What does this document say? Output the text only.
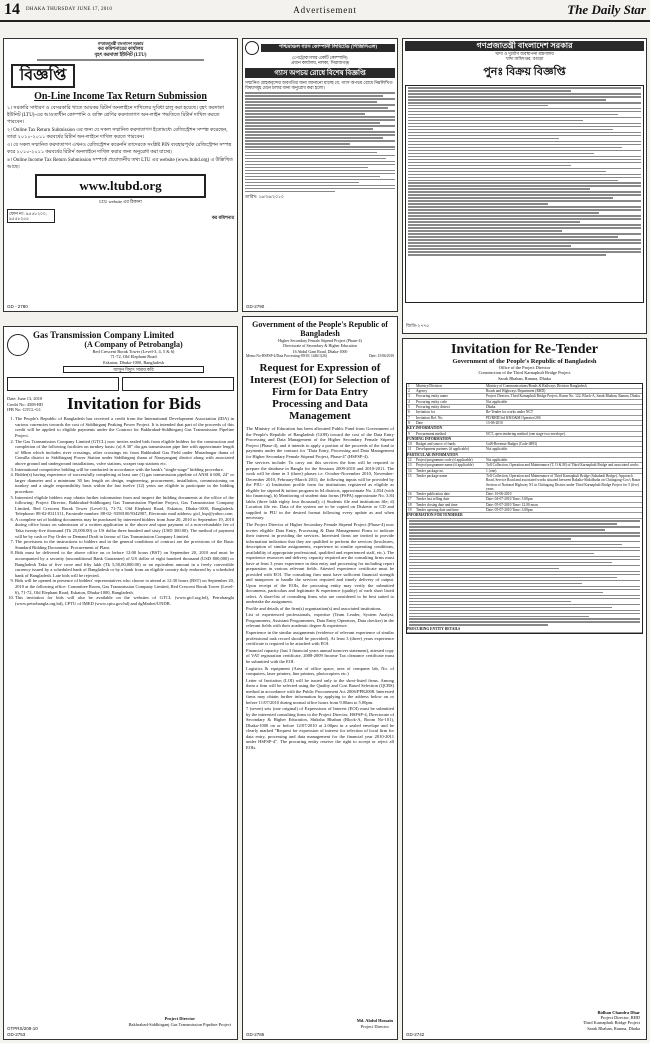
14 DHAKA THURSDAY JUNE 17, 2010	Advertisement	The Daily Star
গণপ্রজাতন্ত্রী বাংলাদেশ সরকার
কর কমিশনারের কার্যালয়
বৃহৎ করদাতা ইউনিট (LTU)
বিজ্ঞপ্তি
On-Line Income Tax Return Submission

১। সরকারি সাধারণ ও বেসরকারি খাতে আয়কর রিটার্ন অনলাইনে দাখিলের সুবিধা চালু করা হয়েছে। বৃহৎ করদাতা ইউনিট (LTU)-এর আওতাধীন কোম্পানি ও ব্যক্তি শ্রেণির করদাতাগণ অন-লাইন পদ্ধতিতে রিটার্ন দাখিল করতে পারবেন।

২। Online Tax Return Submission এর জন্য যে সকল সম্মানিত করদাতাগণ ইতোমধ্যে রেজিস্ট্রেশন সম্পন্ন করেছেন, তারা ২০১০-২০১১ করবর্ষের রিটার্ন অন-লাইনে দাখিল করতে পারবেন।

৩। যে সকল সম্মানিত করদাতাগণ এখনও রেজিস্ট্রেশন করেননি তাদেরকে সংশ্লিষ্ট PIN ব্যবহারপূর্বক রেজিস্ট্রেশন সম্পন্ন করে ২০১০-২০১১ করবর্ষের রিটার্ন অনলাইনে দাখিল করার জন্য অনুরোধ করা যাচ্ছে।

৪। Online Income Tax Return Submission সম্পর্কে প্রয়োজনীয় তথ্য LTU এর website (www.ltubd.org) এ উল্লিখিত আছে।

www.ltubd.org
LTU website এর ঠিকানা
ফোন নং: ৯৫৫৮২০০, ৯৫৫৮২৫৫	কর কমিশনার
GD - 2780
পশ্চিমাঞ্চল গ্যাস কোম্পানী লিমিটেড (পিজিসিএল)
(পেট্রোবাংলার একটি কোম্পানি)
প্রধান কার্যালয়, নলকা, সিরাজগঞ্জ
গ্যাস অপচয় রোধে বিশেষ বিজ্ঞপ্তি
সম্মানিত গ্রাহকবৃন্দের অবগতির জন্য জানানো যাচ্ছে যে, গ্যাস অপচয় রোধে নিম্নলিখিত বিষয়সমূহ মেনে চলার জন্য অনুরোধ করা হলো।
তারিখ: ১৬/০৬/২০১০
GD-2790
গণপ্রজাতন্ত্রী বাংলাদেশ সরকার
খাদ্য ও দুর্যোগ ব্যবস্থাপনা মন্ত্রণালয়
খাদ্য অধিদপ্তর, বগুড়া
পুনঃ বিক্রয় বিজ্ঞপ্তি
জিডি-২৭৭৫
Government of the People's Republic of Bangladesh
Higher Secondary Female Stipend Project (Phase-4)
Directorate of Secondary & Higher Education
16 Abdul Gani Road, Dhaka-1000
Memo No-HSFSP-4/Data Processing-09/10/ 1446/1(26)	Date: 15/06/2010
Request for Expression of Interest (EOI) for Selection of Firm for Data Entry Processing and Data Management

The Ministry of Education has been allocated Public Fund from Government of the People's Republic of Bangladesh (GOB) toward the cost of the Data Entry Processing and Data Management of the Higher Secondary Female Stipend Project (Phase-4), and it intends to apply a portion of the proceeds of the fund to payments under the contract for "Data Entry, Processing and Data Management for Higher Secondary Female Stipend Project, Phase-4" (HSFSP-4).

The services include: To carry out this services the firm will be required to prepare the database in Bangla for the Sessions 2009-2010 and 2010-2011. The work will be done in 3 (three) phases i.e. October-November 2010, November-December 2010, February-March 2011; the following inputs will be provided by the PIU:- a) Institution profile form for institutions registered as eligible as eligible for stipend & tuition program in 64 districts, approximate No. 2,054 (with bio financing), b) Monitoring of student data forms (FSPA) approximate No. 3.84 lakhs (three lakh eighty four thousand); c) Students file and institutions file; d) Location file etc. Data of the system are to be copied on Diskette or CD and supplied to PIU in the desired format following every update as and when necessary.

The Project Director of Higher Secondary Female Stipend Project (Phase-4) now invites eligible Data Entry, Processing & Data Management Firms to indicate their interest in providing the services. Interested firms are invited to provide information indication that they are qualified to perform the services (brochures, description of similar assignments, experience in similar operating conditions, availability of appropriate professional, qualified and experienced staff, etc.). The experience resources and delivery capacity required are the consulting firms must have at least 3 years experience in data entry and processing for including report preparation in various relevant fields. Attested experience certificate must be provided with EOI. The consulting firm must have sufficient financial strength and manpower to handle the services required and timely delivery of output. Upon receipt of the EOIs, the procuring entity may verify the submitted documents, particulars and legitimate & experience (quality) of each short listed select. A short-list of consulting firms who are considered to be best suited to undertake the assignment.

Profile and details of the firm(s) organization(s) and associated institutions.

List of experienced professionals, expertise (Team Leader, System Analyst, Programmers, Assistant Programmers, Data Entry Operators, Data checker) in the relevant fields with their academic degree & experience.

Experience in the similar assignments (evidence of relevant experience of similar professional task record should be provided). At least 3 (three) years experience certificate is required to be attached with EOI.

Financial capacity (last 3 financial years annual turnover statement), attested copy of VAT registration certificate, 2008-2009 Income Tax clearance certificate must be submitted with the EOI.

Logistics & equipment (Area of office space, area of computer lab, No. of computers, laser printers, line printers, photocopiers etc.)

Letter of Invitation (LOI) will be issued only to the short-listed firms. Among them a firm will be selected using the Quality and Cost Based Selection (QCBS) method in accordance with the Public Procurement Act 2006/PPR2008. Interested firms may obtain further information by applying to the address below on or before 11/07/2010 during normal office hours from 9.00am to 5.00pm.

7 (seven) sets (one original) of Expressions of Interest (EOI) must be submitted by the interested consulting firms to the Project Director, HSFSP-4, Directorate of Secondary & Higher Education, Shiksha Bhaban (Block-A, Room No-101), Dhaka-1000 on or before 12/07/2010 at 2.00pm in a sealed envelope and be clearly marked "Request for expression of interest for selection of local firm for data entry, processing and data management for the financial year 2010-2011 under HSFSP-4". The procuring entity reserve the right to accept or reject all EOIs.

Md. Abdul Hossain
Project Director
GD-2785
Gas Transmission Company Limited
(A Company of Petrobangla)
Red Crescent Borak Tower (Level-3, 4, 5 & 6)
71-72, Old Elephant Road
Eskaton, Dhaka-1000, Bangladesh
আসুন বিদ্যুৎ সাশ্রয় করি
Date: June 13, 2010
Credit No: 4508-BD
IFB No: GTCL-G1	Invitation for Bids
1. The People's Republic of Bangladesh has received a credit from the International Development Association (IDA) in various currencies towards the cost of Siddhirganj Peaking Power Project. It is intended that part of the proceeds of this credit will be applied to eligible payments under the Contract for Bakhrabad-Siddhirganj Gas Transmission Pipeline Project.
2. The Gas Transmission Company Limited (GTCL) now invites sealed bids from eligible bidders for the construction and completion of the following facilities on turnkey basis: (a) A 30" dia gas transmission pipe line with approximate length of 60km which includes river crossings, other crossings etc from Bakhrabad Gas Field under Muradnagar thana of Comilla district to Siddhirganj Power Station under Siddhirganj thana of Narayanganj district along with associated above ground and underground installations, valve stations, scraper trap stations etc.
3. International competitive bidding will be conducted in accordance with the bank's "single-stage" bidding procedure.
4. Bidder(s) having experience of successfully completing at least one (1) gas transmission pipeline of ANSI # 600, 24" or larger diameter and a minimum 30 km length on design, engineering, procurement, installation, commissioning on turnkey and a single responsibility basis within the last twelve (12) years are eligible to participate in the bidding procedure.
5. Interested eligible bidders may obtain further information from and inspect the bidding documents at the office of the following: Project Director, Bakhrabad-Siddhirganj Gas Transmission Pipeline Project, Gas Transmission Company Limited, Red Crescent Borak Tower (Level-3), 71-72, Old Elephant Road, Eskaton, Dhaka-1000, Bangladesh. Telephone: 88-02-8311311, Facsimile number: 88-02- 9358100/9342907, Electronic mail address: gtcl_bsp@yahoo.com
6. A complete set of bidding documents may be purchased by interested bidders from June 20, 2010 to September 19, 2010 during office hours on submission of a written application to the above and upon payment of a non-refundable fee of Taka twenty-five thousand (Tk 25,000.00) or US dollar three hundred and sixty (USD 360.00). The method of payment will be by cash or Pay Order or Demand Draft in favour of Gas Transmission Company Limited.
7. The provisions in the instructions to bidders and in the general conditions of contract are the provisions of the Basic Standard Bidding Documents: Procurement of Plant.
8. Bids must be delivered to the above office on or before 12:00 hours (BST) on September 20, 2010 and must be accompanied by a security (unconditional Bank Guarantee) of US dollar of eight hundred thousand (USD 800,000) or Bangladesh Taka of five crore and fifty lakh (Tk 5,50,00,000.00) or an equivalent amount in a freely convertible currency issued by a scheduled bank of Bangladesh or by a bank from an eligible country duly endorsed by a scheduled bank of Bangladesh. Late bids will be rejected.
9. Bids will be opened in presence of bidders' representatives who choose to attend at 12:30 hours (BST) on September 20, 2010 at the following office: Committee Room, Gas Transmission Company Limited, Red Crescent Borak Tower (Level-6), 71-72, Old Elephant Road, Eskaton, Dhaka-1000, Bangladesh.
10. This invitation for bids will also be available on the websites of GTCL (www.gtcl.org.bd), Petrobangla (www.petrobangla.org.bd), CPTU of IMED (www.cptu.gov.bd) and dgMarket/UNDB.
Project Director
Bakhrabad-Siddhirganj Gas Transmission Pipeline Project
GTPRS/208-10
GD-2753
Invitation for Re-Tender
Government of the People's Republic of Bangladesh
Office of the Project Director
Construction of the Third Karnaphuli Bridge Project
Sarak Bhaban, Ramna, Dhaka
1	Ministry/Division	Ministry of Communications/Roads & Railways Division Bangladesh
2	Agency	Roads and Highways Department (RHD)
3	Procuring entity name	Project Director, Third Karnaphuli Bridge Project, Room No. 122, Block-A, Sarak Bhaban, Ramna, Dhaka.
4	Procuring entity code	Not applicable
5	Procuring entity district	Dhaka
6	Invitation for	Re-Tender for works under NCT
7	Invitation Ref. No.	PD/RHD/3rd KB/O&M Operator/206
8	Date	13-06-2010
KEY INFORMATION
9	Procurement method	NCT, open tendering method (one stage two envelope).
FUNDING INFORMATION
10	Budget and source of funds	GoB-Revenue Budget (Code-4893)
11	Development partners (if applicable)	Not applicable.
PARTICULAR INFORMATION
12	Project/programme code (if applicable)	Not applicable.
13	Project/programme name (if applicable)	Toll Collection, Operation and Maintenance (T, O & M) of Third Karnaphuli Bridge and associated works
14	Tender package no.	1 (one).
15	Tender package name	Toll Collection, Operation and Maintenance of Third Karnaphuli Bridge (Sahabadi Bridge), Approach Road, Service Road and associated works situated between Bakalia-Shikolbaha on Chittagong-Cox's Bazar Section of National Highway N1 in Chittagong District under Third Karnaphuli Bridge Project for 5 (five) years.
16	Tender publication date	Date: 16-06-2010
17	Tender last selling date	Date: 04-07-2010 Time: 5.00pm
18	Tender closing date and time	Date: 05-07-2010 Time: 12.00 noon
19	Tender opening date and time	Date: 05-07-2010 Time: 3.00pm
INFORMATION FOR TENDERER
PROCURING ENTITY DETAILS
Bidhan Chandra Dhar
Project Director, RHD
Third Karnaphuli Bridge Project
Sarak Bhaban, Ramna, Dhaka
GD-2742
